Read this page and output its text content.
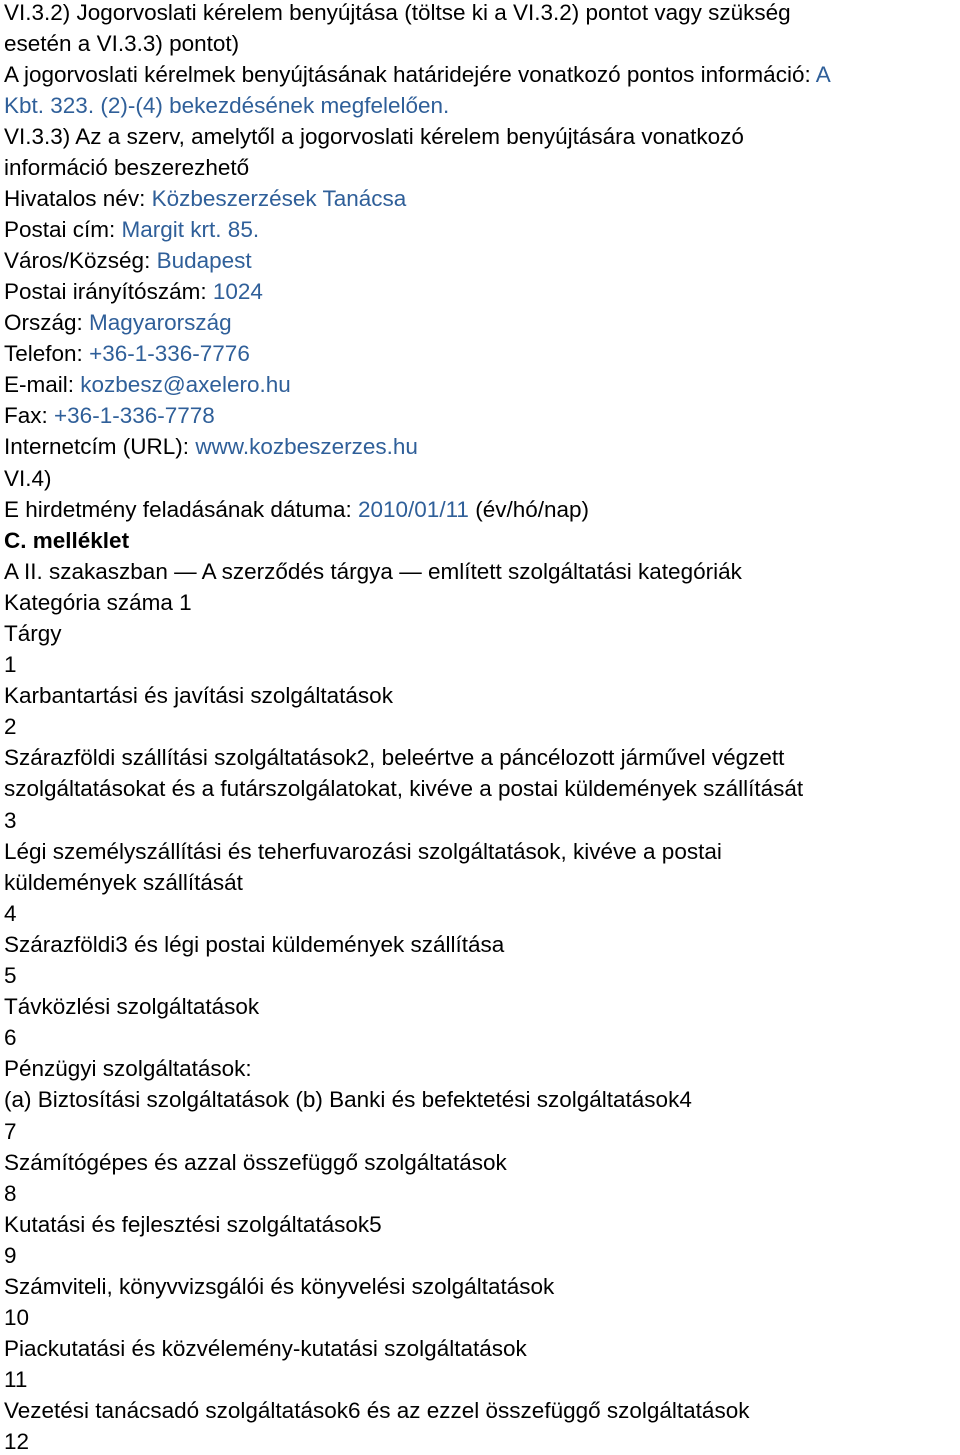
VI.3.2) Jogorvoslati kérelem benyújtása (töltse ki a VI.3.2) pontot vagy szükség
esetén a VI.3.3) pontot)
A jogorvoslati kérelmek benyújtásának határidejére vonatkozó pontos információ: A
Kbt. 323. (2)-(4) bekezdésének megfelelően.
VI.3.3) Az a szerv, amelytől a jogorvoslati kérelem benyújtására vonatkozó
információ beszerezhető
Hivatalos név: Közbeszerzések Tanácsa
Postai cím: Margit krt. 85.
Város/Község: Budapest
Postai irányítószám: 1024
Ország: Magyarország
Telefon: +36-1-336-7776
E-mail: kozbesz@axelero.hu
Fax: +36-1-336-7778
Internetcím (URL): www.kozbeszerzes.hu
VI.4)
E hirdetmény feladásának dátuma: 2010/01/11 (év/hó/nap)
C. melléklet
A II. szakaszban — A szerződés tárgya — említett szolgáltatási kategóriák
Kategória száma 1
Tárgy
1
Karbantartási és javítási szolgáltatások
2
Szárazföldi szállítási szolgáltatások2, beleértve a páncélozott járművel végzett
szolgáltatásokat és a futárszolgálatokat, kivéve a postai küldemények szállítását
3
Légi személyszállítási és teherfuvarozási szolgáltatások, kivéve a postai
küldemények szállítását
4
Szárazföldi3 és légi postai küldemények szállítása
5
Távközlési szolgáltatások
6
Pénzügyi szolgáltatások:
(a) Biztosítási szolgáltatások (b) Banki és befektetési szolgáltatások4
7
Számítógépes és azzal összefüggő szolgáltatások
8
Kutatási és fejlesztési szolgáltatások5
9
Számviteli, könyvvizsgálói és könyvelési szolgáltatások
10
Piackutatási és közvélemény-kutatási szolgáltatások
11
Vezetési tanácsadó szolgáltatások6 és az ezzel összefüggő szolgáltatások
12
